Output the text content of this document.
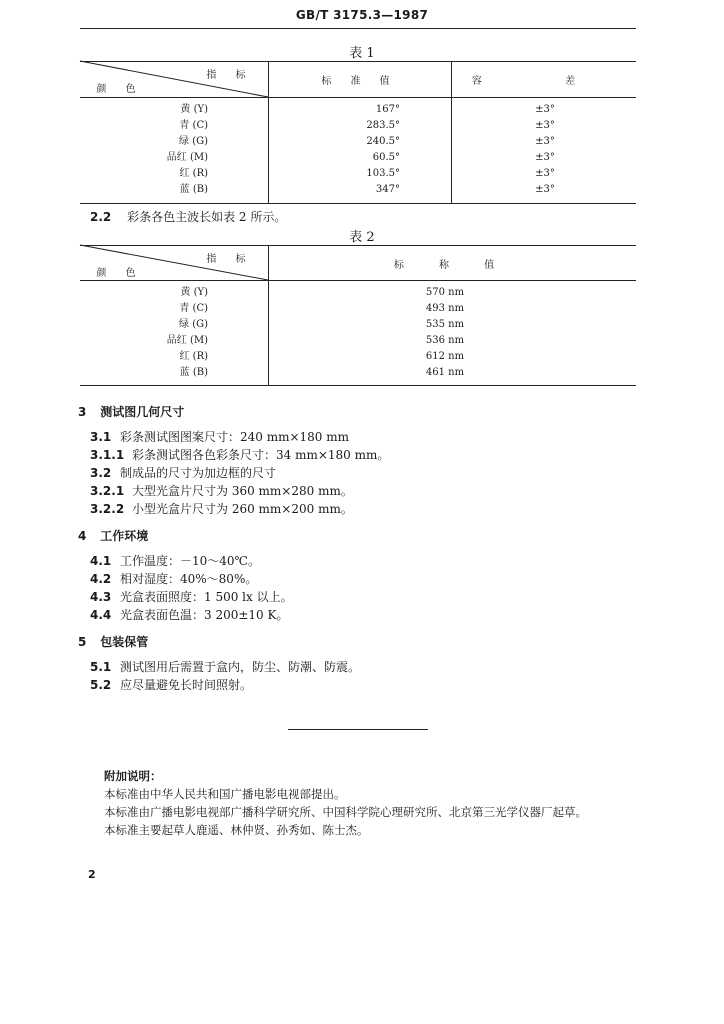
GB/T 3175.3—1987
表 1
指 标
颜 色
标 准 值	容 差
黄 (Y)
青 (C)
绿 (G)
品红 (M)
红 (R)
蓝 (B)
167°
283.5°
240.5°
60.5°
103.5°
347°
±3°
±3°
±3°
±3°
±3°
±3°
2.2 彩条各色主波长如表 2 所示。
表 2
指 标
颜 色
标 称 值
黄 (Y)
青 (C)
绿 (G)
品红 (M)
红 (R)
蓝 (B)
570 nm
493 nm
535 nm
536 nm
612 nm
461 nm
3 测试图几何尺寸
3.1 彩条测试图图案尺寸：240 mm×180 mm
3.1.1 彩条测试图各色彩条尺寸：34 mm×180 mm。
3.2 制成品的尺寸为加边框的尺寸
3.2.1 大型光盒片尺寸为 360 mm×280 mm。
3.2.2 小型光盒片尺寸为 260 mm×200 mm。
4 工作环境
4.1 工作温度：－10～40℃。
4.2 相对湿度：40%～80%。
4.3 光盒表面照度：1 500 lx 以上。
4.4 光盒表面色温：3 200±10 K。
5 包装保管
5.1 测试图用后需置于盒内，防尘、防潮、防震。
5.2 应尽量避免长时间照射。
附加说明：
本标准由中华人民共和国广播电影电视部提出。
本标准由广播电影电视部广播科学研究所、中国科学院心理研究所、北京第三光学仪器厂起草。
本标准主要起草人鹿遥、林仲贤、孙秀如、陈士杰。
2
